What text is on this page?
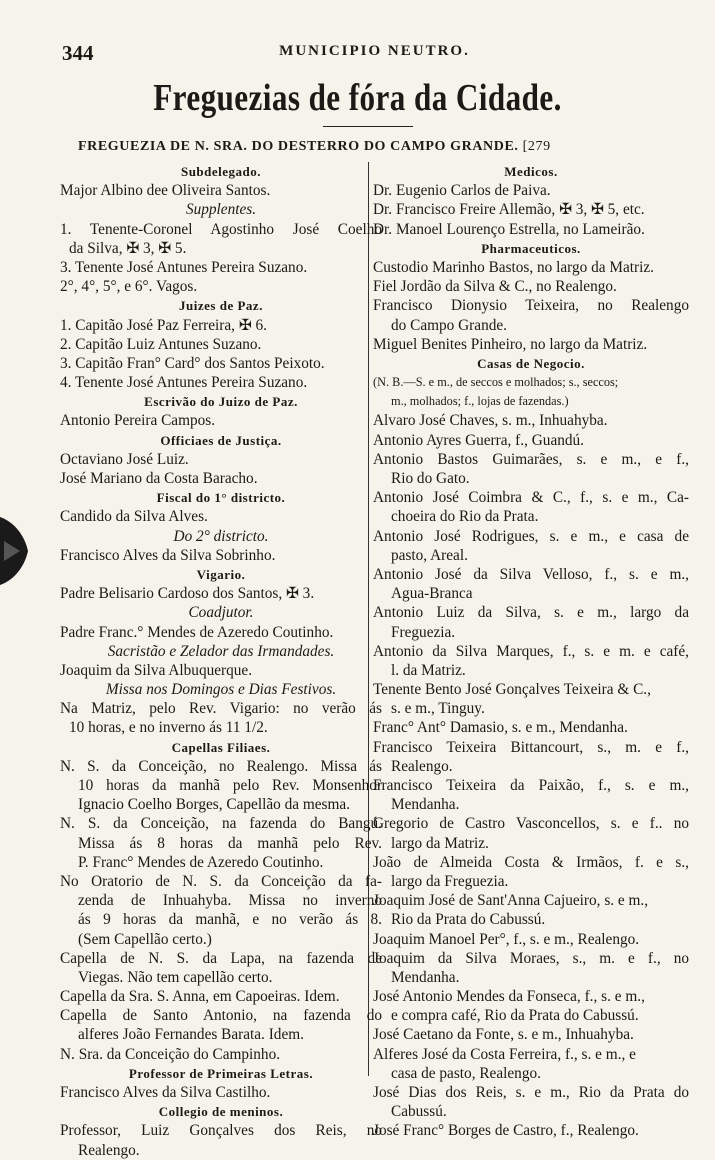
344	MUNICIPIO NEUTRO.
Freguezias de fóra da Cidade.
FREGUEZIA DE N. SRA. DO DESTERRO DO CAMPO GRANDE. [279
Subdelegado.
Major Albino dee Oliveira Santos.
Supplentes.
1. Tenente-Coronel Agostinho José Coelho
da Silva, ✠ 3, ✠ 5.
3. Tenente José Antunes Pereira Suzano.
2°, 4°, 5°, e 6°. Vagos.
Juizes de Paz.
1. Capitão José Paz Ferreira, ✠ 6.
2. Capitão Luiz Antunes Suzano.
3. Capitão Fran° Card° dos Santos Peixoto.
4. Tenente José Antunes Pereira Suzano.
Escrivão do Juizo de Paz.
Antonio Pereira Campos.
Officiaes de Justiça.
Octaviano José Luiz.
José Mariano da Costa Baracho.
Fiscal do 1° districto.
Candido da Silva Alves.
Do 2° districto.
Francisco Alves da Silva Sobrinho.
Vigario.
Padre Belisario Cardoso dos Santos, ✠ 3.
Coadjutor.
Padre Franc.° Mendes de Azeredo Coutinho.
Sacristão e Zelador das Irmandades.
Joaquim da Silva Albuquerque.
Missa nos Domingos e Dias Festivos.
Na Matriz, pelo Rev. Vigario: no verão ás
10 horas, e no inverno ás 11 1/2.
Capellas Filiaes.
N. S. da Conceição, no Realengo. Missa ás
10 horas da manhã pelo Rev. Monsenhor
Ignacio Coelho Borges, Capellão da mesma.
N. S. da Conceição, na fazenda do Bangú.
Missa ás 8 horas da manhã pelo Rev.
P. Franc° Mendes de Azeredo Coutinho.
No Oratorio de N. S. da Conceição da fa-
zenda de Inhuahyba. Missa no inverno
ás 9 horas da manhã, e no verão ás 8.
(Sem Capellão certo.)
Capella de N. S. da Lapa, na fazenda de
Viegas. Não tem capellão certo.
Capella da Sra. S. Anna, em Capoeiras. Idem.
Capella de Santo Antonio, na fazenda do
alferes João Fernandes Barata. Idem.
N. Sra. da Conceição do Campinho.
Professor de Primeiras Letras.
Francisco Alves da Silva Castilho.
Collegio de meninos.
Professor, Luiz Gonçalves dos Reis, no
Realengo.
Medicos.
Dr. Eugenio Carlos de Paiva.
Dr. Francisco Freire Allemão, ✠ 3, ✠ 5, etc.
Dr. Manoel Lourenço Estrella, no Lameirão.
Pharmaceuticos.
Custodio Marinho Bastos, no largo da Matriz.
Fiel Jordão da Silva & C., no Realengo.
Francisco Dionysio Teixeira, no Realengo
do Campo Grande.
Miguel Benites Pinheiro, no largo da Matriz.
Casas de Negocio.
(N. B.—S. e m., de seccos e molhados; s., seccos;
m., molhados; f., lojas de fazendas.)
Alvaro José Chaves, s. m., Inhuahyba.
Antonio Ayres Guerra, f., Guandú.
Antonio Bastos Guimarães, s. e m., e f.,
Rio do Gato.
Antonio José Coimbra & C., f., s. e m., Ca-
choeira do Rio da Prata.
Antonio José Rodrigues, s. e m., e casa de
pasto, Areal.
Antonio José da Silva Velloso, f., s. e m.,
Agua-Branca
Antonio Luiz da Silva, s. e m., largo da
Freguezia.
Antonio da Silva Marques, f., s. e m. e café,
l. da Matriz.
Tenente Bento José Gonçalves Teixeira & C.,
s. e m., Tinguy.
Franc° Ant° Damasio, s. e m., Mendanha.
Francisco Teixeira Bittancourt, s., m. e f.,
Realengo.
Francisco Teixeira da Paixão, f., s. e m.,
Mendanha.
Gregorio de Castro Vasconcellos, s. e f.. no
largo da Matriz.
João de Almeida Costa & Irmãos, f. e s.,
largo da Freguezia.
Joaquim José de Sant'Anna Cajueiro, s. e m.,
Rio da Prata do Cabussú.
Joaquim Manoel Per°, f., s. e m., Realengo.
Joaquim da Silva Moraes, s., m. e f., no
Mendanha.
José Antonio Mendes da Fonseca, f., s. e m.,
e compra café, Rio da Prata do Cabussú.
José Caetano da Fonte, s. e m., Inhuahyba.
Alferes José da Costa Ferreira, f., s. e m., e
casa de pasto, Realengo.
José Dias dos Reis, s. e m., Rio da Prata do
Cabussú.
José Franc° Borges de Castro, f., Realengo.
